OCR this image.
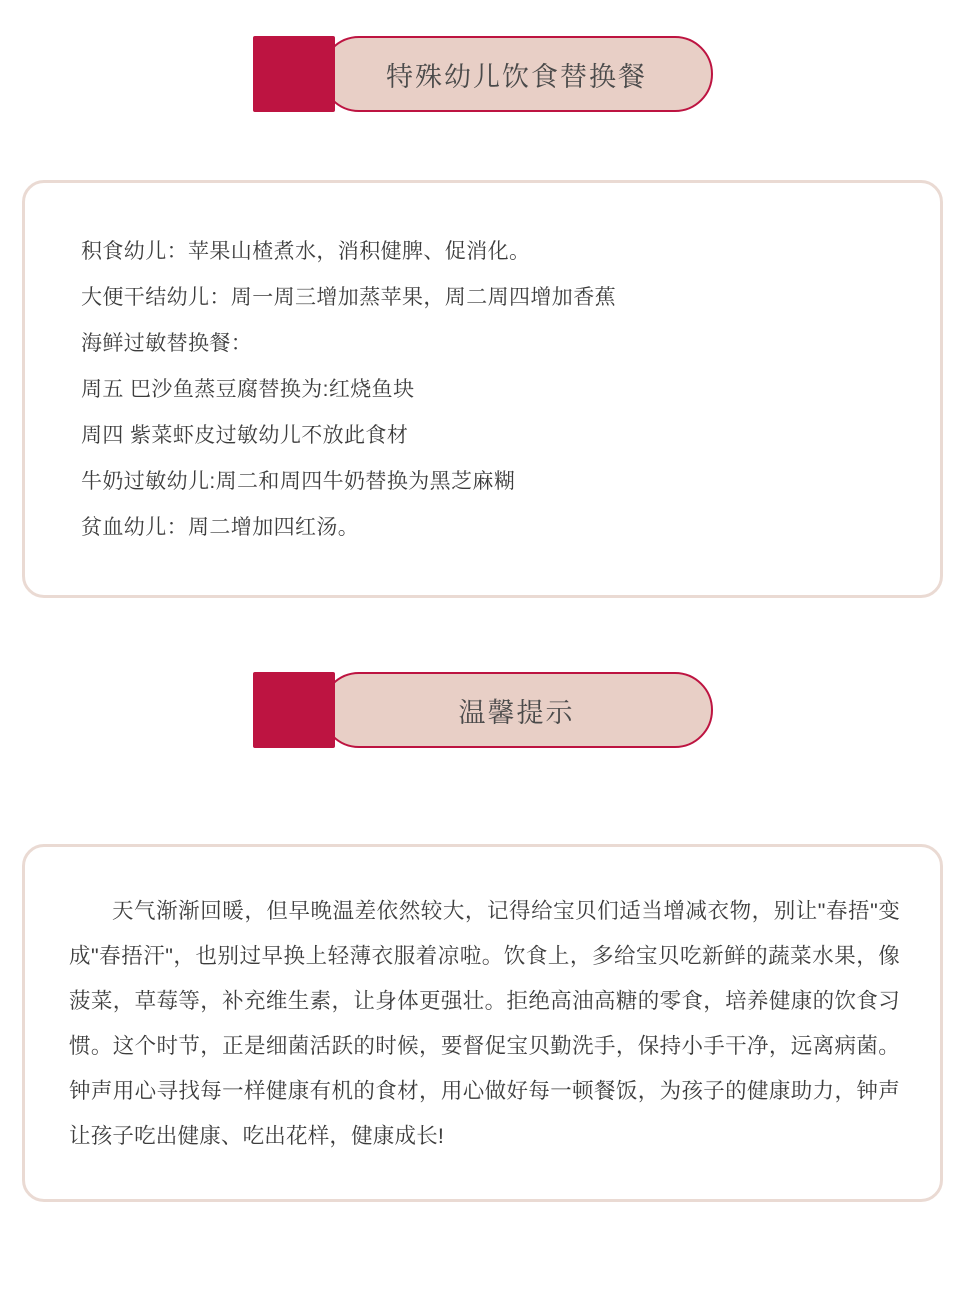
特殊幼儿饮食替换餐
积食幼儿：苹果山楂煮水，消积健脾、促消化。
大便干结幼儿：周一周三增加蒸苹果，周二周四增加香蕉
海鲜过敏替换餐：
周五 巴沙鱼蒸豆腐替换为:红烧鱼块
周四 紫菜虾皮过敏幼儿不放此食材
牛奶过敏幼儿:周二和周四牛奶替换为黑芝麻糊
贫血幼儿：周二增加四红汤。
温馨提示

天气渐渐回暖，但早晚温差依然较大，记得给宝贝们适当增减衣物，别让"春捂"变成"春捂汗"，也别过早换上轻薄衣服着凉啦。饮食上，多给宝贝吃新鲜的蔬菜水果，像菠菜，草莓等，补充维生素，让身体更强壮。拒绝高油高糖的零食，培养健康的饮食习惯。这个时节，正是细菌活跃的时候，要督促宝贝勤洗手，保持小手干净，远离病菌。钟声用心寻找每一样健康有机的食材，用心做好每一顿餐饭，为孩子的健康助力，钟声让孩子吃出健康、吃出花样，健康成长!
